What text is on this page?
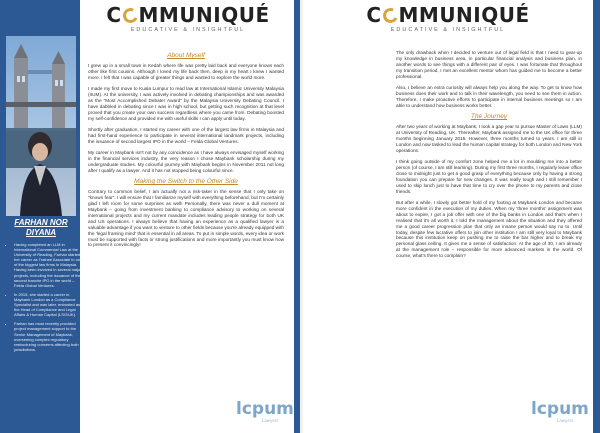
FARHAN NOR DIYANA
• Having completed an LLM in International Commercial Law at the University of Reading, Farhan started her career as Trainee Associate in one of the biggest law firms in Malaysia. Having been involved in several major projects, including the issuance of the second tranche IPO in the world – Felda Global Ventures.
• In 2015, she started a career in Maybank London as a Compliance Specialist and was later, entrusted as the Head of Compliance and Legal Affairs & Human Capital (LSG/UK).
• Farhan has most recently provided project management support to the Senior Management of Maybank, overseeing complex regulatory restructuring concerns affecting both jurisdictions.
C MMUNIQUÉ
EDUCATIVE & INSIGHTFUL
About Myself

I grew up in a small town in Kedah where life was pretty laid back and everyone knows each other like first cousins. Although I loved my life back then, deep in my heart I knew I wanted more. I felt that I was capable of greater things and wanted to explore the world more.

I made my first move to Kuala Lumpur to read law at International Islamic University Malaysia (IIUM). At the university, I was actively involved in debating championships and was awarded as the "Most Accomplished Debater Award" by the Malaysia University Debating Council. I have dabbled in debating since I was in high school, but getting such recognition at that level proved that you create your own success regardless where you came from. Debating boosted my self-confidence and provided me with useful skills I can apply until today.

Shortly after graduation, I started my career with one of the largest law firms in Malaysia and had first-hand experience to participate in several international landmark projects, including the issuance of second largest IPO in the world – Felda Global Ventures.

My career in Maybank isn't not by any coincidence as I have always envisaged myself working in the financial services industry, the very reason I chose Maybank scholarship during my undergraduate studies. My colourful journey with Maybank begins in November 2011 not long after I qualify as a lawyer. And it has not stopped being colourful since.

Making the Switch to the Other Side

Contrary to common belief, I am actually not a risk-taker in the sense that I only take on "known fear". I will ensure that I familiarize myself with everything beforehand, but I'm certainly glad I left room for some surprises as well! Personally, there was never a dull moment at Maybank – going from investment banking to compliance advisory to working on several international projects and my current mandate includes leading people strategy for both UK and US operations. I always believe that having an experience as a qualified lawyer is a valuable advantage if you want to venture to other fields because you're already equipped with the 'legal framing mind' that is essential in all areas. To put in simple words, every idea or work must be supported with facts or strong justifications and more importantly you must know how to present it convincingly!

lcpum
Lawyers
C MMUNIQUÉ
EDUCATIVE & INSIGHTFUL

The only drawback when I decided to venture out of legal field is that I need to gear-up my knowledge in business area, in particular financial analysis and business plan, in another words to see things with a different pair of eyes. I was fortunate that throughout my transition period, I met an excellent mentor whom has guided me to become a better professional.

Also, I believe an extra curiosity will always help you along the way. To get to know how business does their work and to talk in their wavelength, you need to see them in action. Therefore, I make proactive efforts to participate in internal business meetings so I am able to understand how business works better.

The Journey

After two years of working at Maybank, I took a gap year to pursue Master of Laws (LLM) at University of Reading, UK. Thereafter, Maybank assigned me to the UK office for three months beginning January 2015. However, three months turned to years. I am still in London and now tasked to lead the human capital strategy for both London and New York operations.

I think going outside of my comfort zone helped me a lot in moulding me into a better person (of course, I am still learning). During my first three months, I regularly leave office close to midnight just to get a good grasp of everything because only by having a strong foundation you can prepare for new changes. It was really tough and I still remember I used to skip lunch just to have that time to cry over the phone to my parents and close friends.

But after a while, I slowly got better hold of my footing at Maybank London and became more confident in the execution of my duties. When my 'three months' assignment was about to expire, I got a job offer with one of the big banks in London and that's when I realised that it's all worth it. I told the management about the situation and they offered me a good career progression plan that only an insane person would say no to. Until today, despite few lucrative offers to join other institution I am still very loyal to Maybank because this institution keep on pushing me to raise the bar higher and to break my personal glass ceiling. It gives me a sense of satisfaction. At the age of 30, I am already at the management role – responsible for more advanced markets in the world. Of course, what's there to complain?

lcpum
Lawyers
